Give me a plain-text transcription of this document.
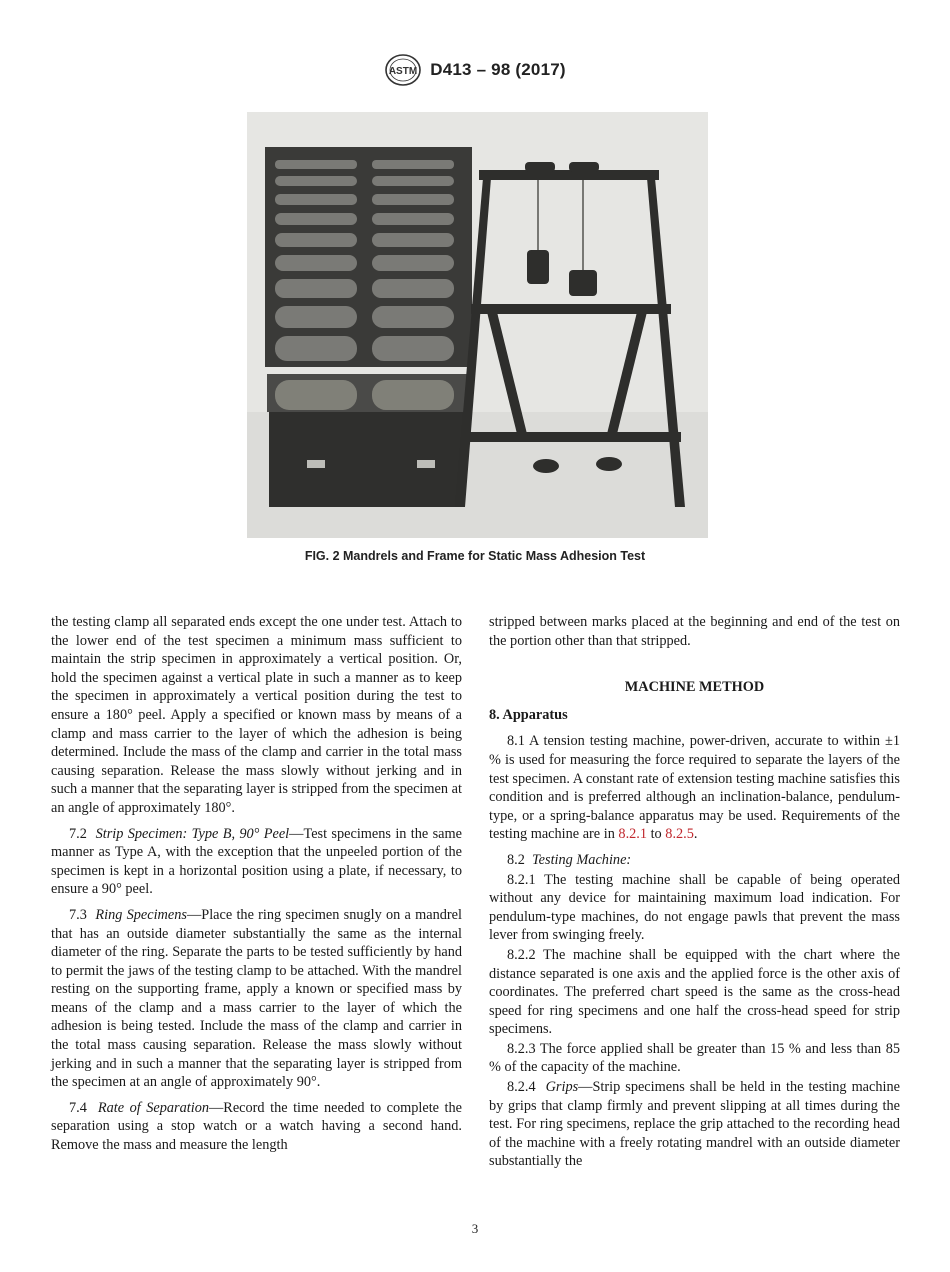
ASTM D413 – 98 (2017)
FIG. 2 Mandrels and Frame for Static Mass Adhesion Test

the testing clamp all separated ends except the one under test. Attach to the lower end of the test specimen a minimum mass sufficient to maintain the strip specimen in approximately a vertical position. Or, hold the specimen against a vertical plate in such a manner as to keep the specimen in approximately a vertical position during the test to ensure a 180° peel. Apply a specified or known mass by means of a clamp and mass carrier to the layer of which the adhesion is being determined. Include the mass of the clamp and carrier in the total mass causing separation. Release the mass slowly without jerking and in such a manner that the separating layer is stripped from the specimen at an angle of approximately 180°.

7.2 Strip Specimen: Type B, 90° Peel—Test specimens in the same manner as Type A, with the exception that the unpeeled portion of the specimen is kept in a horizontal position using a plate, if necessary, to ensure a 90° peel.

7.3 Ring Specimens—Place the ring specimen snugly on a mandrel that has an outside diameter substantially the same as the internal diameter of the ring. Separate the parts to be tested sufficiently by hand to permit the jaws of the testing clamp to be attached. With the mandrel resting on the supporting frame, apply a known or specified mass by means of the clamp and a mass carrier to the layer of which the adhesion is being tested. Include the mass of the clamp and carrier in the total mass causing separation. Release the mass slowly without jerking and in such a manner that the separating layer is stripped from the specimen at an angle of approximately 90°.

7.4 Rate of Separation—Record the time needed to complete the separation using a stop watch or a watch having a second hand. Remove the mass and measure the length

stripped between marks placed at the beginning and end of the test on the portion other than that stripped.

MACHINE METHOD

8. Apparatus

8.1 A tension testing machine, power-driven, accurate to within ±1 % is used for measuring the force required to separate the layers of the test specimen. A constant rate of extension testing machine satisfies this condition and is preferred although an inclination-balance, pendulum-type, or a spring-balance apparatus may be used. Requirements of the testing machine are in 8.2.1 to 8.2.5.

8.2 Testing Machine:

8.2.1 The testing machine shall be capable of being operated without any device for maintaining maximum load indication. For pendulum-type machines, do not engage pawls that prevent the mass lever from swinging freely.

8.2.2 The machine shall be equipped with the chart where the distance separated is one axis and the applied force is the other axis of coordinates. The preferred chart speed is the same as the cross-head speed for ring specimens and one half the cross-head speed for strip specimens.

8.2.3 The force applied shall be greater than 15 % and less than 85 % of the capacity of the machine.

8.2.4 Grips—Strip specimens shall be held in the testing machine by grips that clamp firmly and prevent slipping at all times during the test. For ring specimens, replace the grip attached to the recording head of the machine with a freely rotating mandrel with an outside diameter substantially the

3
